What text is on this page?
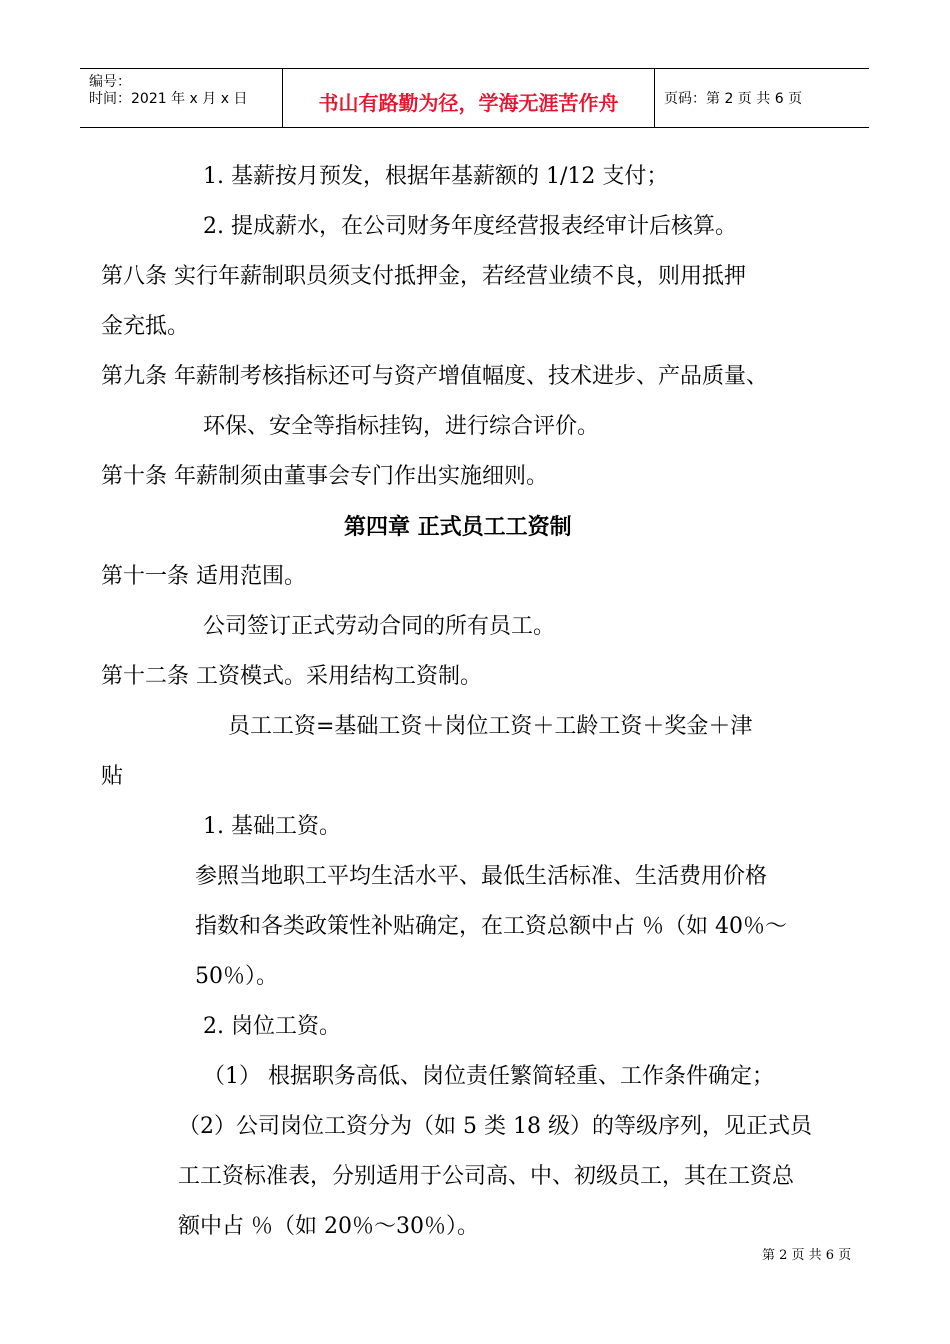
编号：
时间：2021 年 x 月 x 日	书山有路勤为径，学海无涯苦作舟	页码：第 2 页 共 6 页
1. 基薪按月预发，根据年基薪额的 1/12 支付；
2. 提成薪水，在公司财务年度经营报表经审计后核算。
第八条 实行年薪制职员须支付抵押金，若经营业绩不良，则用抵押
金充抵。
第九条 年薪制考核指标还可与资产增值幅度、技术进步、产品质量、
环保、安全等指标挂钩，进行综合评价。
第十条 年薪制须由董事会专门作出实施细则。
第四章 正式员工工资制
第十一条 适用范围。
公司签订正式劳动合同的所有员工。
第十二条 工资模式。采用结构工资制。
员工工资=基础工资＋岗位工资＋工龄工资＋奖金＋津
贴
1. 基础工资。
参照当地职工平均生活水平、最低生活标准、生活费用价格
指数和各类政策性补贴确定，在工资总额中占 ％（如 40％～
50％）。
2. 岗位工资。
（1） 根据职务高低、岗位责任繁简轻重、工作条件确定；
（2）公司岗位工资分为（如 5 类 18 级）的等级序列，见正式员
工工资标准表，分别适用于公司高、中、初级员工，其在工资总
额中占 ％（如 20％～30％）。
第 2 页 共 6 页
